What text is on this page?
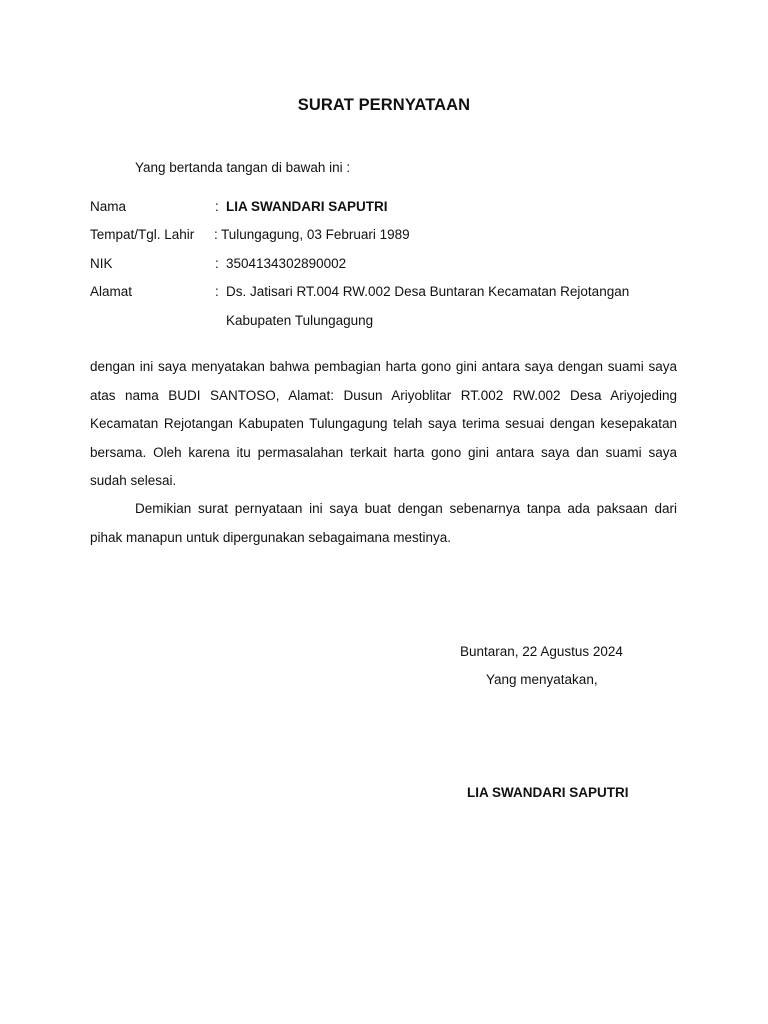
SURAT PERNYATAAN
Yang bertanda tangan di bawah ini :
Nama	: LIA SWANDARI SAPUTRI
Tempat/Tgl. Lahir : Tulungagung, 03 Februari 1989
NIK	: 3504134302890002
Alamat	: Ds. Jatisari RT.004 RW.002 Desa Buntaran Kecamatan Rejotangan
Kabupaten Tulungagung
dengan ini saya menyatakan bahwa pembagian harta gono gini antara saya dengan suami saya atas nama BUDI SANTOSO, Alamat: Dusun Ariyoblitar RT.002 RW.002 Desa Ariyojeding Kecamatan Rejotangan Kabupaten Tulungagung telah saya terima sesuai dengan kesepakatan bersama. Oleh karena itu permasalahan terkait harta gono gini antara saya dan suami saya sudah selesai.
Demikian surat pernyataan ini saya buat dengan sebenarnya tanpa ada paksaan dari pihak manapun untuk dipergunakan sebagaimana mestinya.
Buntaran, 22 Agustus 2024
Yang menyatakan,
LIA SWANDARI SAPUTRI
